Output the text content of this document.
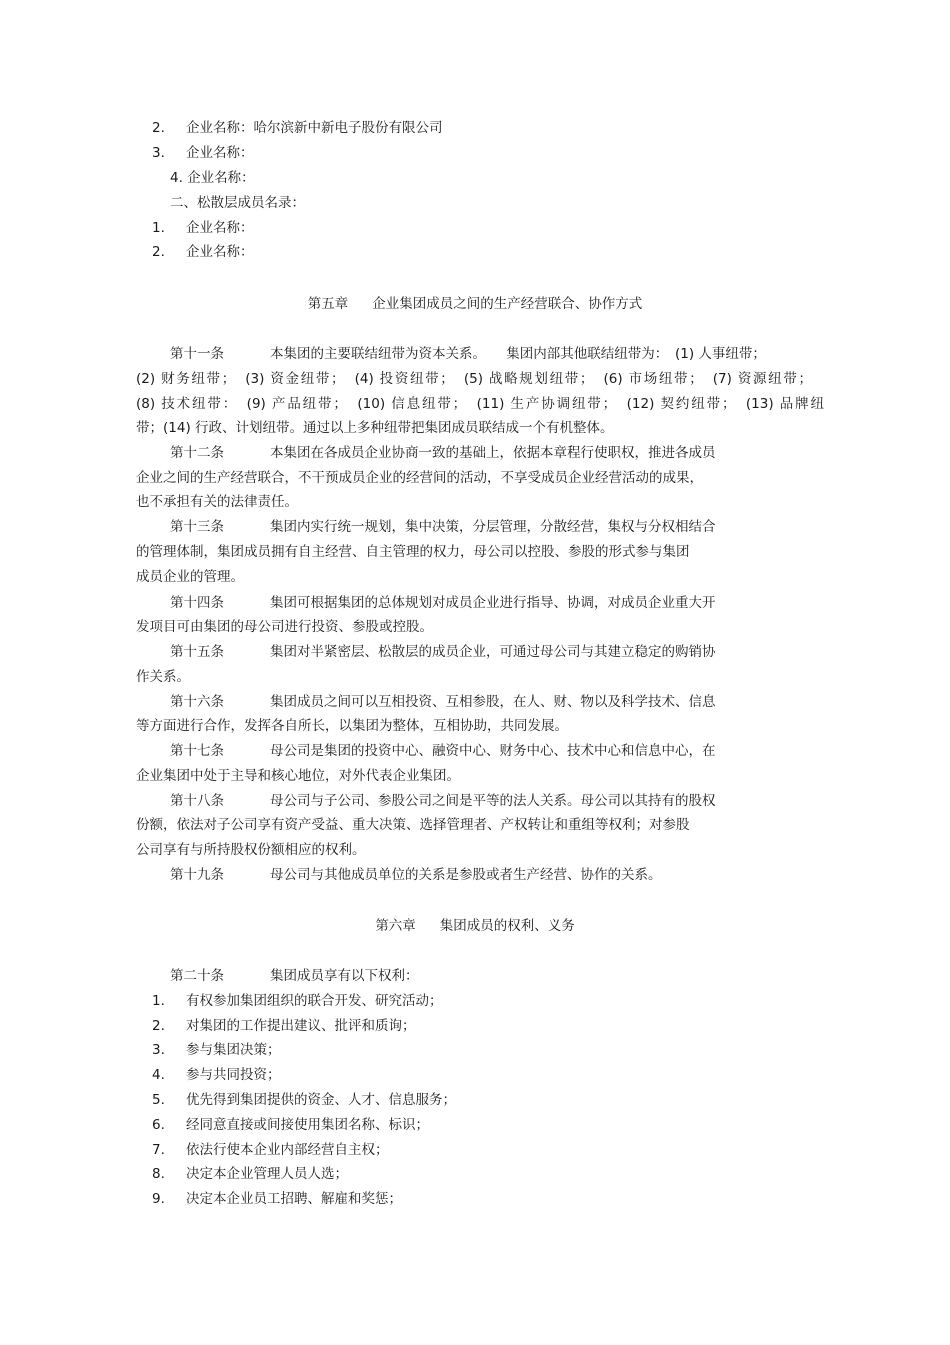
2. 企业名称：哈尔滨新中新电子股份有限公司
3. 企业名称：
4. 企业名称：
二、松散层成员名录：
1. 企业名称：
2. 企业名称：
第五章 企业集团成员之间的生产经营联合、协作方式
第十一条	本集团的主要联结纽带为资本关系。　　集团内部其他联结纽带为：　(1) 人事纽带；
(2) 财务纽带；　(3) 资金纽带；　(4) 投资纽带；　(5) 战略规划纽带；　(6) 市场纽带；　(7) 资源纽带；
(8) 技术纽带：　(9) 产品纽带；　(10) 信息纽带；　(11) 生产协调纽带；　(12) 契约纽带；　(13) 品牌纽
带；(14) 行政、计划纽带。通过以上多种纽带把集团成员联结成一个有机整体。
第十二条	本集团在各成员企业协商一致的基础上，依据本章程行使职权，推进各成员
企业之间的生产经营联合，不干预成员企业的经营间的活动，不享受成员企业经营活动的成果，
也不承担有关的法律责任。
第十三条	集团内实行统一规划，集中决策，分层管理，分散经营，集权与分权相结合
的管理体制，集团成员拥有自主经营、自主管理的权力，母公司以控股、参股的形式参与集团
成员企业的管理。
第十四条	集团可根据集团的总体规划对成员企业进行指导、协调，对成员企业重大开
发项目可由集团的母公司进行投资、参股或控股。
第十五条	集团对半紧密层、松散层的成员企业，可通过母公司与其建立稳定的购销协
作关系。
第十六条	集团成员之间可以互相投资、互相参股，在人、财、物以及科学技术、信息
等方面进行合作，发挥各自所长，以集团为整体，互相协助，共同发展。
第十七条	母公司是集团的投资中心、融资中心、财务中心、技术中心和信息中心，在
企业集团中处于主导和核心地位，对外代表企业集团。
第十八条	母公司与子公司、参股公司之间是平等的法人关系。母公司以其持有的股权
份额，依法对子公司享有资产受益、重大决策、选择管理者、产权转让和重组等权利；对参股
公司享有与所持股权份额相应的权利。
第十九条	母公司与其他成员单位的关系是参股或者生产经营、协作的关系。
第六章 集团成员的权利、义务
第二十条	集团成员享有以下权利：
1. 有权参加集团组织的联合开发、研究活动；
2. 对集团的工作提出建议、批评和质询；
3. 参与集团决策；
4. 参与共同投资；
5. 优先得到集团提供的资金、人才、信息服务；
6. 经同意直接或间接使用集团名称、标识；
7. 依法行使本企业内部经营自主权；
8. 决定本企业管理人员人选；
9. 决定本企业员工招聘、解雇和奖惩；
